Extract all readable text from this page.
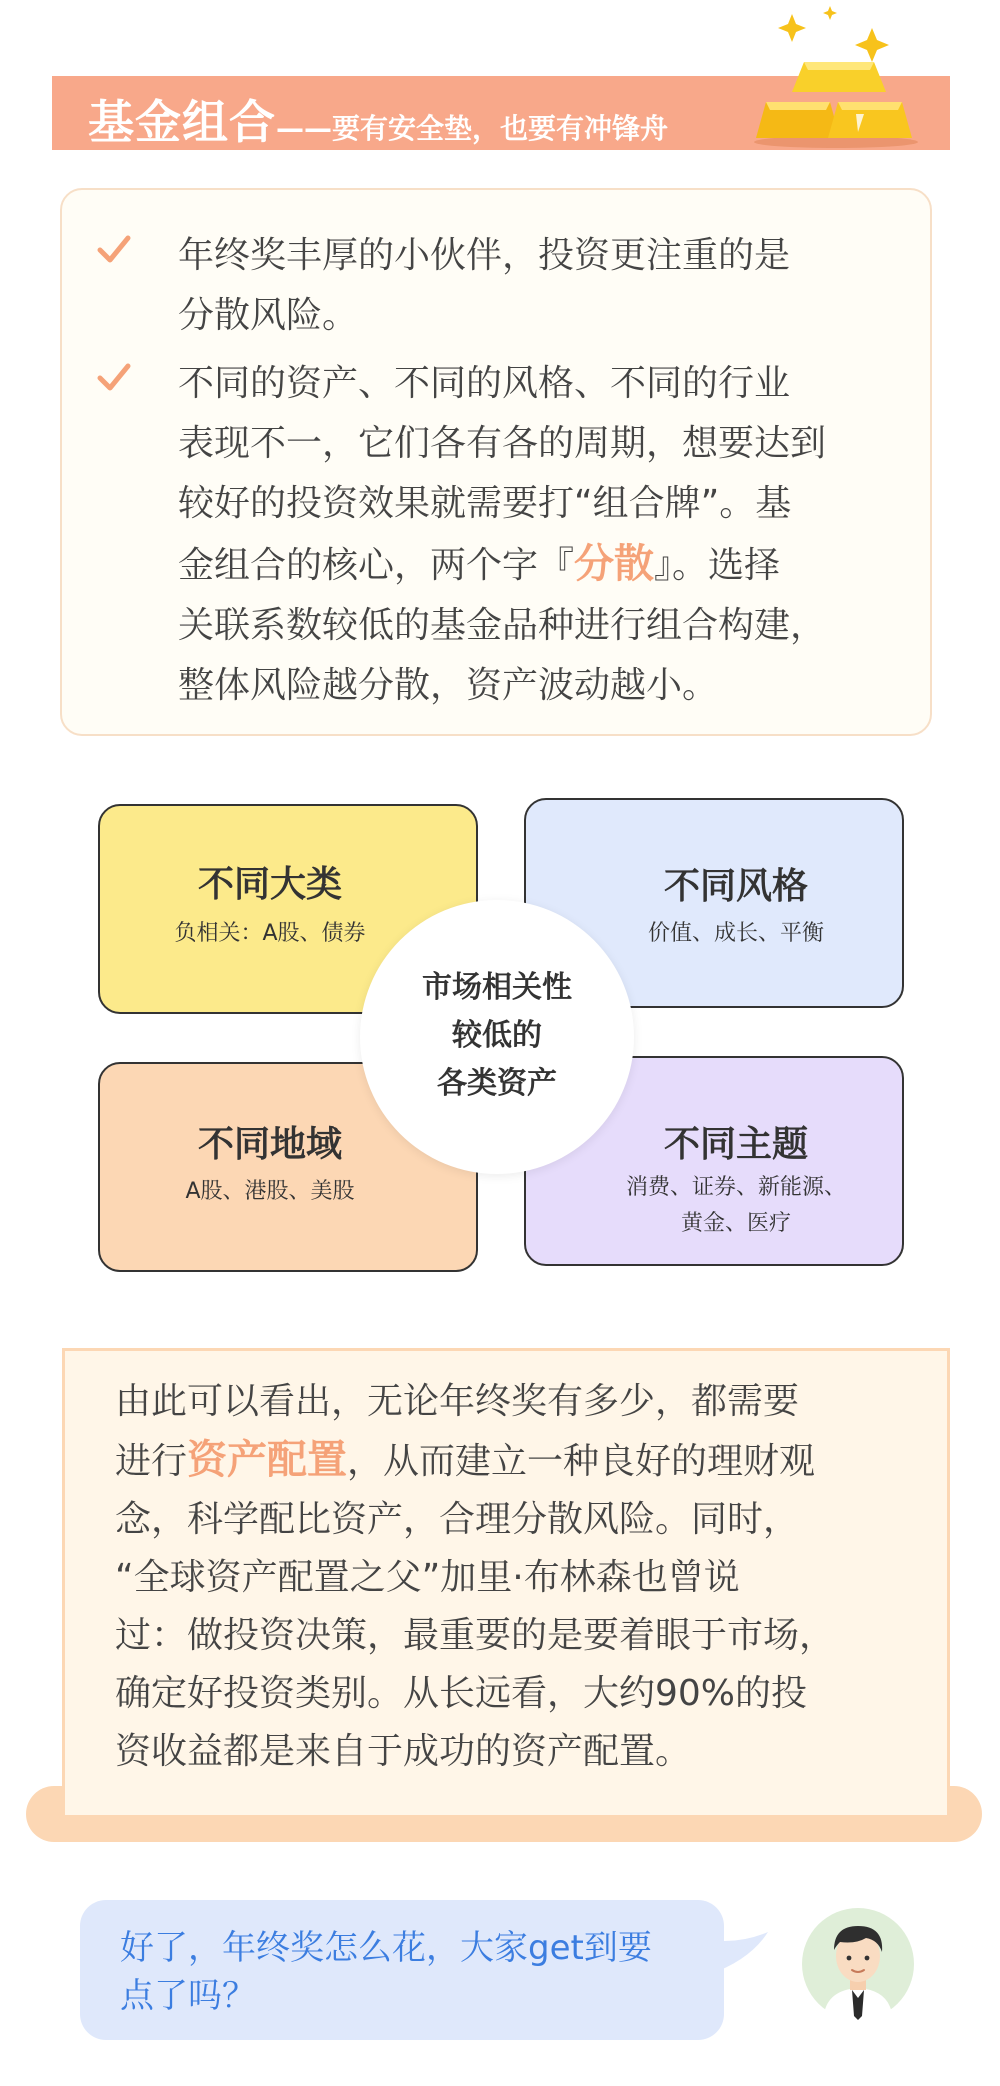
基金组合——要有安全垫，也要有冲锋舟
年终奖丰厚的小伙伴，投资更注重的是
分散风险。
不同的资产、不同的风格、不同的行业
表现不一，它们各有各的周期，想要达到
较好的投资效果就需要打“组合牌”。基
金组合的核心，两个字『分散』。选择
关联系数较低的基金品种进行组合构建，
整体风险越分散，资产波动越小。
不同大类
负相关：A股、债券
不同风格
价值、成长、平衡
不同地域
A股、港股、美股
不同主题
消费、证券、新能源、
黄金、医疗
市场相关性
较低的
各类资产
由此可以看出，无论年终奖有多少，都需要
进行资产配置，从而建立一种良好的理财观
念，科学配比资产，合理分散风险。同时，
“全球资产配置之父”加里·布林森也曾说
过：做投资决策，最重要的是要着眼于市场，
确定好投资类别。从长远看，大约90%的投
资收益都是来自于成功的资产配置。
好了，年终奖怎么花，大家get到要
点了吗？
